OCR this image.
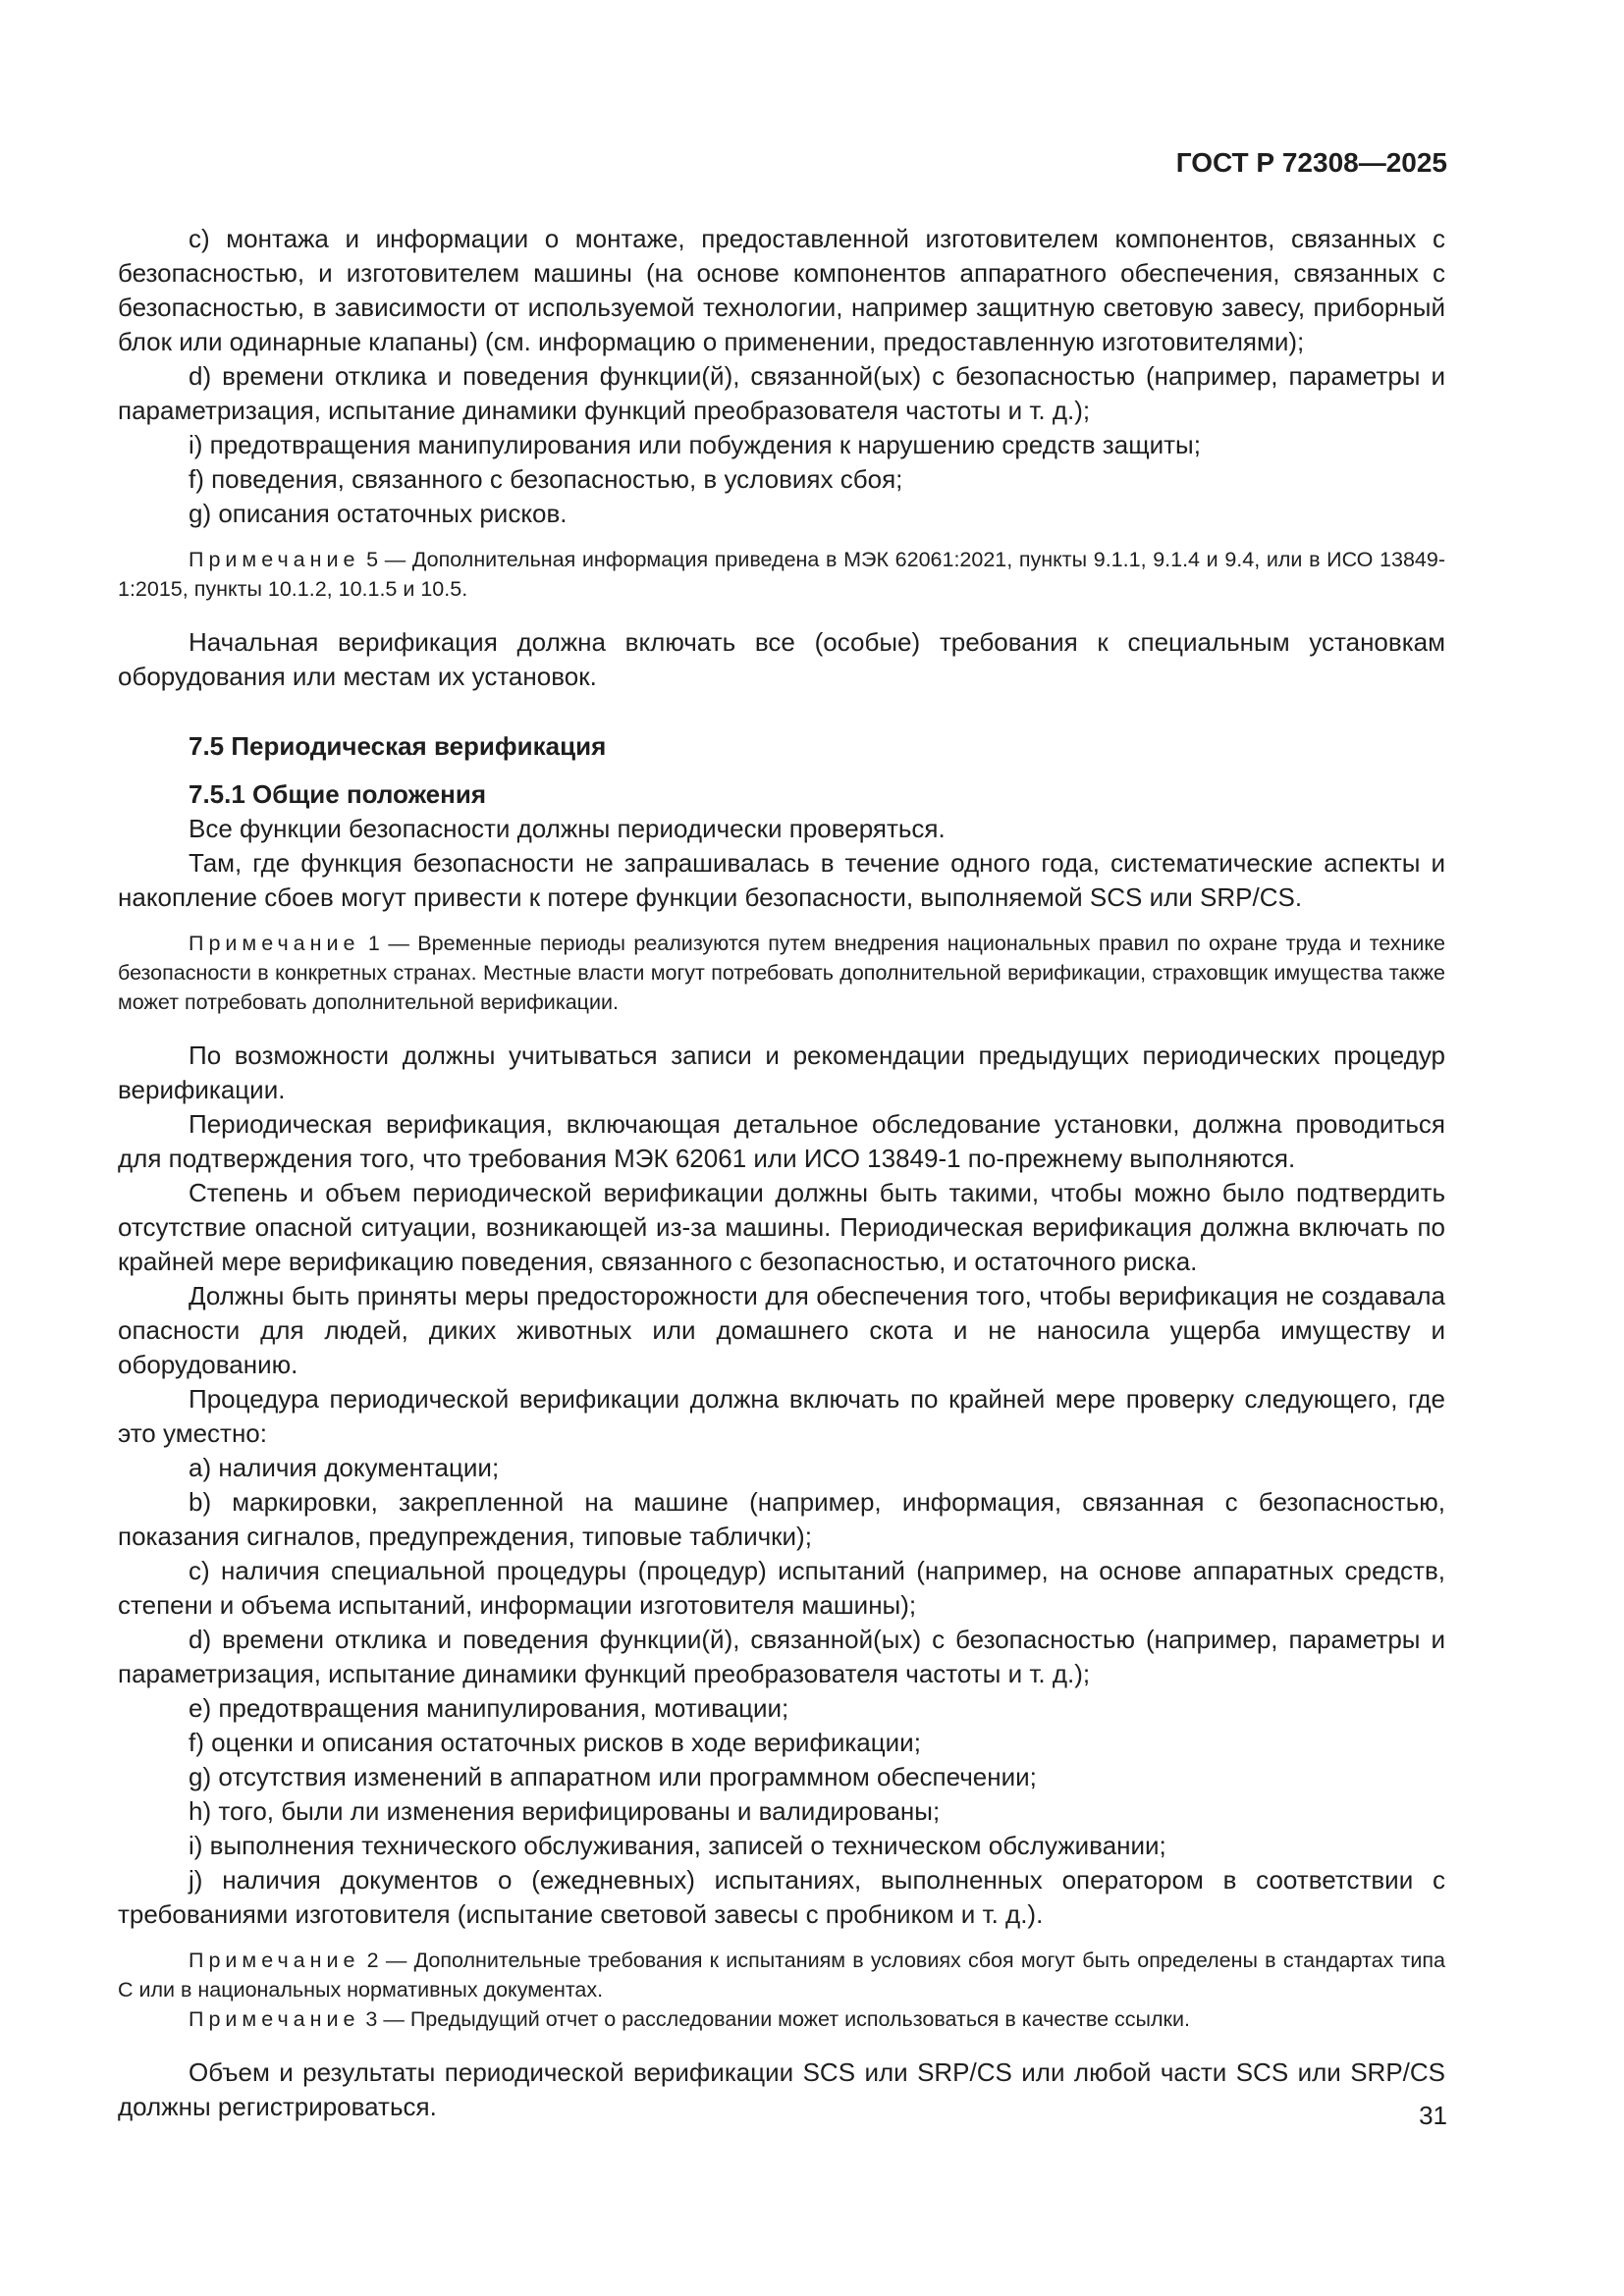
ГОСТ Р 72308—2025

c) монтажа и информации о монтаже, предоставленной изготовителем компонентов, связанных с безопасностью, и изготовителем машины (на основе компонентов аппаратного обеспечения, связанных с безопасностью, в зависимости от используемой технологии, например защитную световую завесу, приборный блок или одинарные клапаны) (см. информацию о применении, предоставленную изготовителями);

d) времени отклика и поведения функции(й), связанной(ых) с безопасностью (например, параметры и параметризация, испытание динамики функций преобразователя частоты и т. д.);

i) предотвращения манипулирования или побуждения к нарушению средств защиты;

f) поведения, связанного с безопасностью, в условиях сбоя;

g) описания остаточных рисков.

Примечание 5 — Дополнительная информация приведена в МЭК 62061:2021, пункты 9.1.1, 9.1.4 и 9.4, или в ИСО 13849-1:2015, пункты 10.1.2, 10.1.5 и 10.5.

Начальная верификация должна включать все (особые) требования к специальным установкам оборудования или местам их установок.

7.5 Периодическая верификация

7.5.1 Общие положения

Все функции безопасности должны периодически проверяться.

Там, где функция безопасности не запрашивалась в течение одного года, систематические аспекты и накопление сбоев могут привести к потере функции безопасности, выполняемой SCS или SRP/CS.

Примечание 1 — Временные периоды реализуются путем внедрения национальных правил по охране труда и технике безопасности в конкретных странах. Местные власти могут потребовать дополнительной верификации, страховщик имущества также может потребовать дополнительной верификации.

По возможности должны учитываться записи и рекомендации предыдущих периодических процедур верификации.

Периодическая верификация, включающая детальное обследование установки, должна проводиться для подтверждения того, что требования МЭК 62061 или ИСО 13849-1 по-прежнему выполняются.

Степень и объем периодической верификации должны быть такими, чтобы можно было подтвердить отсутствие опасной ситуации, возникающей из-за машины. Периодическая верификация должна включать по крайней мере верификацию поведения, связанного с безопасностью, и остаточного риска.

Должны быть приняты меры предосторожности для обеспечения того, чтобы верификация не создавала опасности для людей, диких животных или домашнего скота и не наносила ущерба имуществу и оборудованию.

Процедура периодической верификации должна включать по крайней мере проверку следующего, где это уместно:

a) наличия документации;

b) маркировки, закрепленной на машине (например, информация, связанная с безопасностью, показания сигналов, предупреждения, типовые таблички);

c) наличия специальной процедуры (процедур) испытаний (например, на основе аппаратных средств, степени и объема испытаний, информации изготовителя машины);

d) времени отклика и поведения функции(й), связанной(ых) с безопасностью (например, параметры и параметризация, испытание динамики функций преобразователя частоты и т. д.);

e) предотвращения манипулирования, мотивации;

f) оценки и описания остаточных рисков в ходе верификации;

g) отсутствия изменений в аппаратном или программном обеспечении;

h) того, были ли изменения верифицированы и валидированы;

i) выполнения технического обслуживания, записей о техническом обслуживании;

j) наличия документов о (ежедневных) испытаниях, выполненных оператором в соответствии с требованиями изготовителя (испытание световой завесы с пробником и т. д.).

Примечание 2 — Дополнительные требования к испытаниям в условиях сбоя могут быть определены в стандартах типа С или в национальных нормативных документах.

Примечание 3 — Предыдущий отчет о расследовании может использоваться в качестве ссылки.

Объем и результаты периодической верификации SCS или SRP/CS или любой части SCS или SRP/CS должны регистрироваться.	31
